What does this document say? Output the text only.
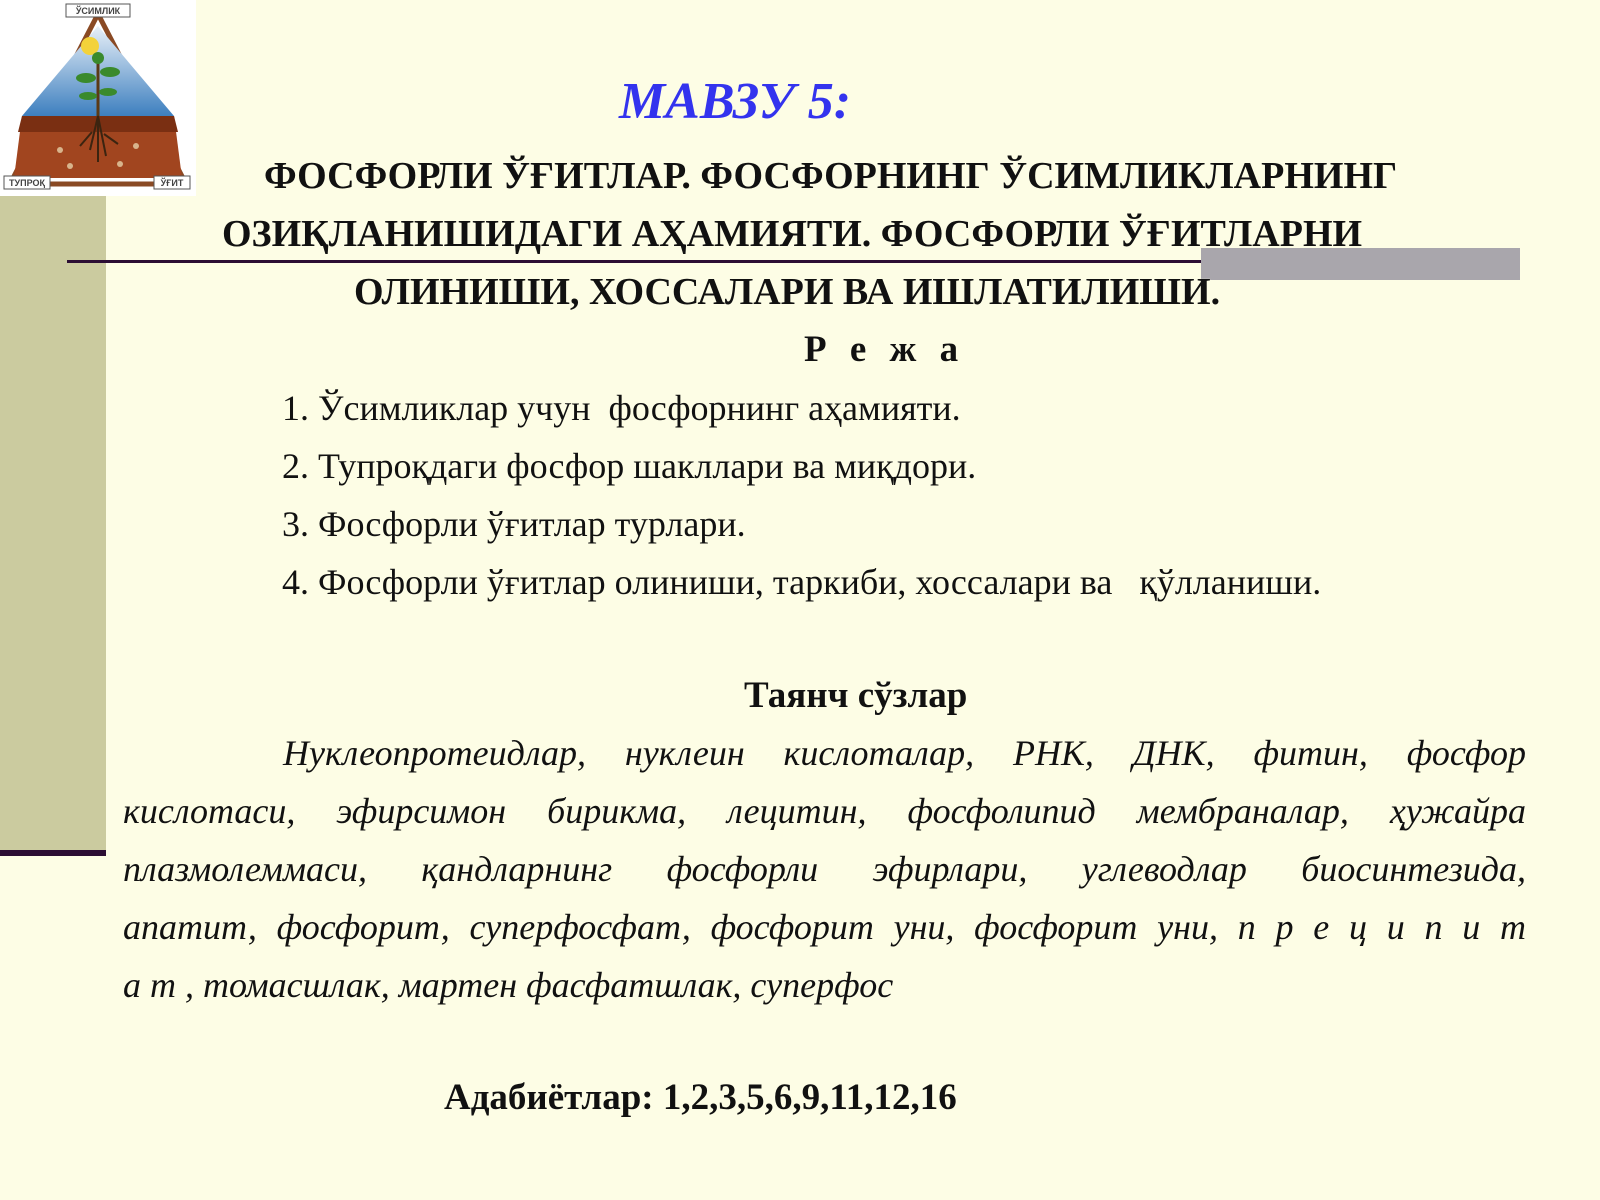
ЎСИМЛИК
ТУПРОҚ	ЎҒИТ
МАВЗУ 5:
ФОСФОРЛИ ЎҒИТЛАР. ФОСФОРНИНГ ЎСИМЛИКЛАРНИНГ
ОЗИҚЛАНИШИДАГИ АҲАМИЯТИ. ФОСФОРЛИ ЎҒИТЛАРНИ
ОЛИНИШИ, ХОССАЛАРИ ВА ИШЛАТИЛИШИ.
Р е ж а
1. Ўсимликлар учун  фосфорнинг аҳамияти.
2. Тупроқдаги фосфор шакллари ва миқдори.
3. Фосфорли ўғитлар турлари.
4. Фосфорли ўғитлар олиниши, таркиби, хоссалари ва   қўлланиши.
Таянч сўзлар
Нуклеопротеидлар, нуклеин кислоталар, РНК, ДНК, фитин, фосфор
кислотаси, эфирсимон бирикма, лецитин, фосфолипид мембраналар, ҳужайра
плазмолеммаси, қандларнинг фосфорли эфирлари, углеводлар биосинтезида,
апатит, фосфорит, суперфосфат, фосфорит уни, фосфорит уни, п р е ц и п и т
а т , томасшлак, мартен фасфатшлак, суперфос
Адабиётлар: 1,2,3,5,6,9,11,12,16
